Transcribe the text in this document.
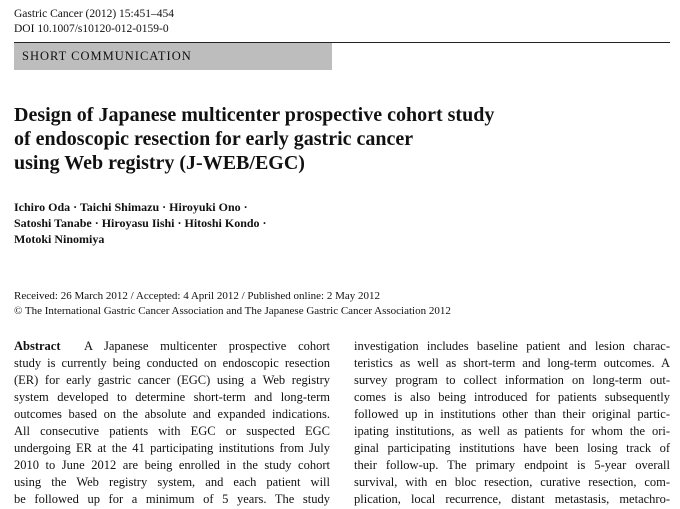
Gastric Cancer (2012) 15:451–454
DOI 10.1007/s10120-012-0159-0
SHORT COMMUNICATION
Design of Japanese multicenter prospective cohort study
of endoscopic resection for early gastric cancer
using Web registry (J-WEB/EGC)

Ichiro Oda · Taichi Shimazu · Hiroyuki Ono ·
Satoshi Tanabe · Hiroyasu Iishi · Hitoshi Kondo ·
Motoki Ninomiya

Received: 26 March 2012 / Accepted: 4 April 2012 / Published online: 2 May 2012
© The International Gastric Cancer Association and The Japanese Gastric Cancer Association 2012
Abstract A Japanese multicenter prospective cohort
study is currently being conducted on endoscopic resection
(ER) for early gastric cancer (EGC) using a Web registry
system developed to determine short-term and long-term
outcomes based on the absolute and expanded indications.
All consecutive patients with EGC or suspected EGC
undergoing ER at the 41 participating institutions from July
2010 to June 2012 are being enrolled in the study cohort
using the Web registry system, and each patient will
be followed up for a minimum of 5 years. The study
investigation includes baseline patient and lesion charac-
teristics as well as short-term and long-term outcomes. A
survey program to collect information on long-term out-
comes is also being introduced for patients subsequently
followed up in institutions other than their original partic-
ipating institutions, as well as patients for whom the ori-
ginal participating institutions have been losing track of
their follow-up. The primary endpoint is 5-year overall
survival, with en bloc resection, curative resection, com-
plication, local recurrence, distant metastasis, metachro-
